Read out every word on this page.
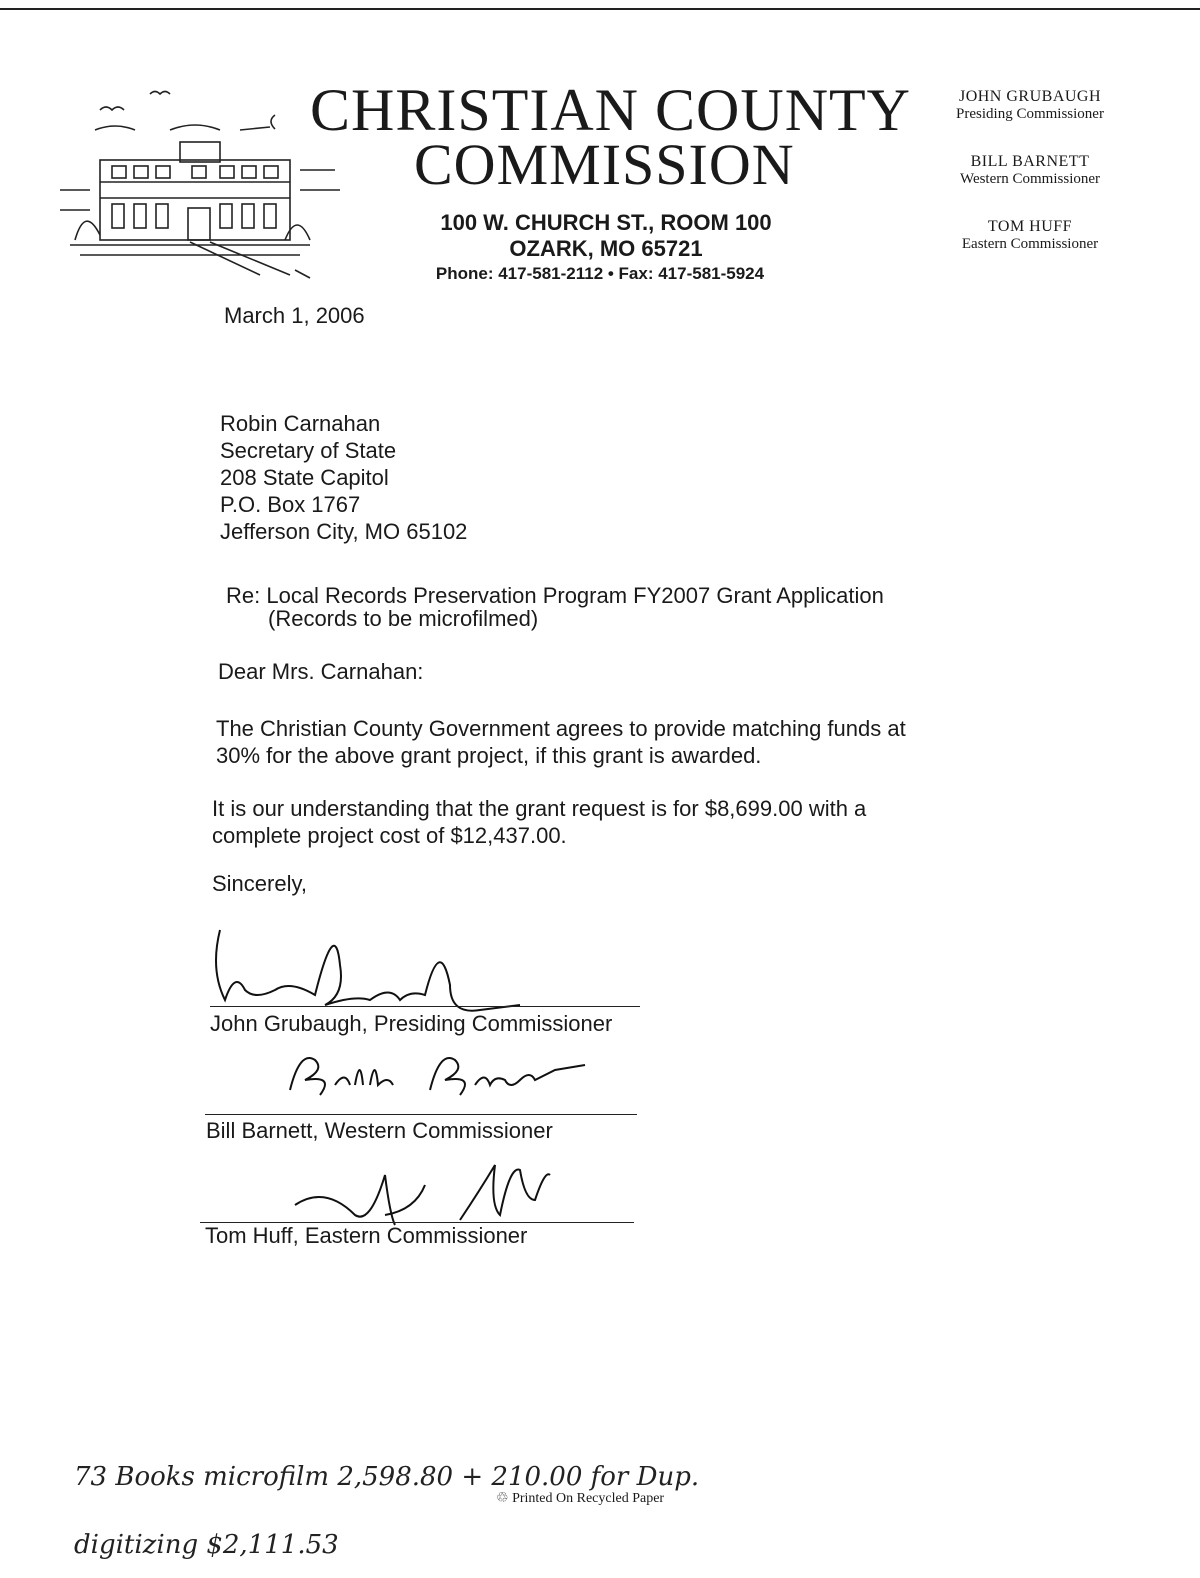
CHRISTIAN COUNTY
COMMISSION
100 W. CHURCH ST., ROOM 100
OZARK, MO 65721
Phone: 417-581-2112 • Fax: 417-581-5924
JOHN GRUBAUGH
Presiding Commissioner
BILL BARNETT
Western Commissioner
TOM HUFF
Eastern Commissioner
March 1, 2006
Robin Carnahan
Secretary of State
208 State Capitol
P.O. Box 1767
Jefferson City, MO 65102
Re: Local Records Preservation Program FY2007 Grant Application
(Records to be microfilmed)
Dear Mrs. Carnahan:
The Christian County Government agrees to provide matching funds at
30% for the above grant project, if this grant is awarded.
It is our understanding that the grant request is for $8,699.00 with a
complete project cost of $12,437.00.
Sincerely,
John Grubaugh, Presiding Commissioner
Bill Barnett, Western Commissioner
Tom Huff, Eastern Commissioner
♲ Printed On Recycled Paper
73 Books microfilm 2,598.80 + 210.00 for Dup.
digitizing $2,111.53
